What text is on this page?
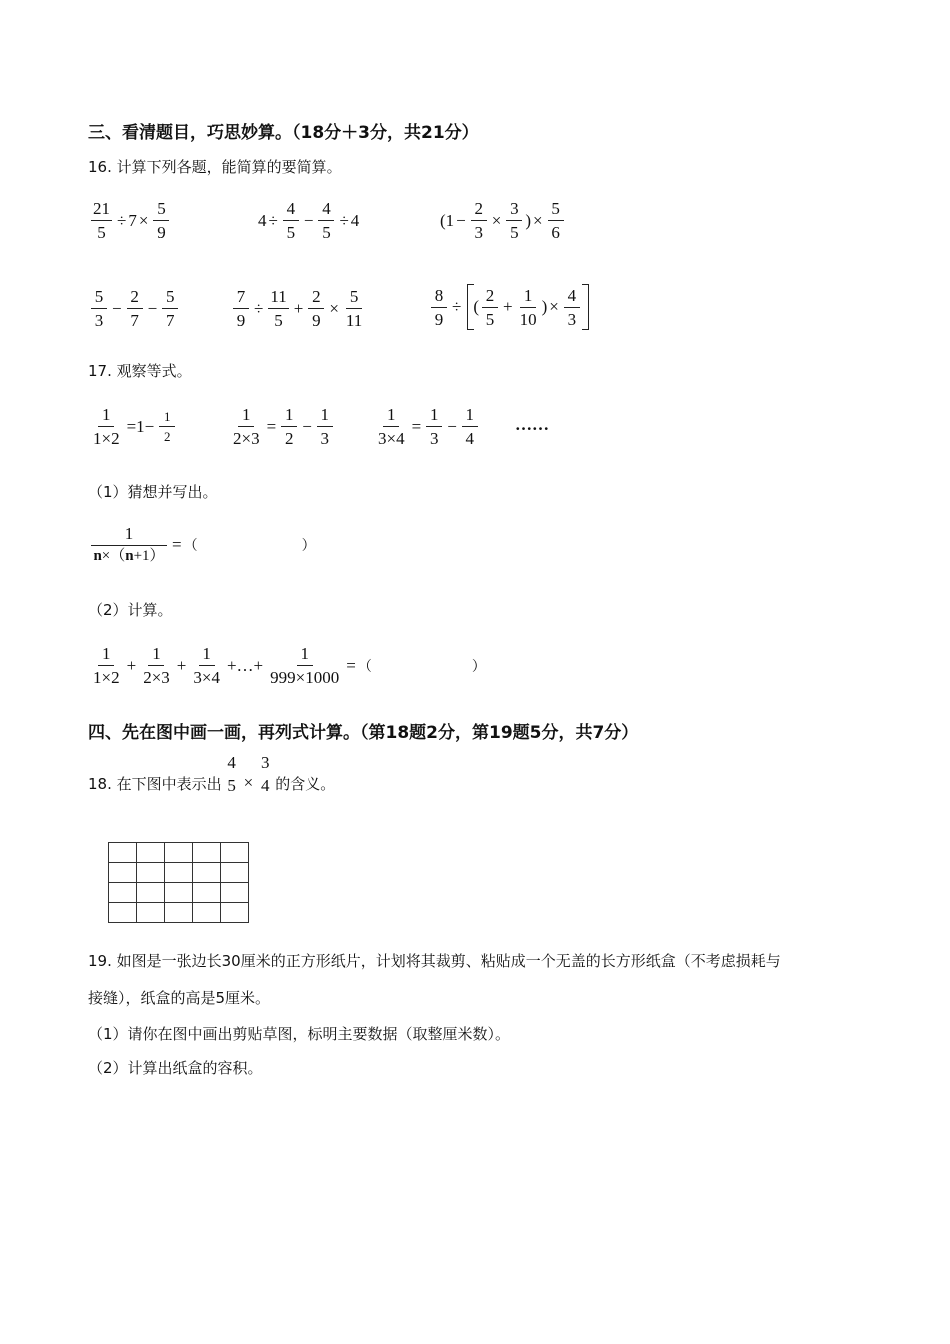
三、看清题目，巧思妙算。（18分＋3分，共21分）
16. 计算下列各题，能简算的要简算。
$\frac{21}{5} \div 7 \times \frac{5}{9}$	$4 \div \frac{4}{5} - \frac{4}{5} \div 4$	($1 - \frac{2}{3} \times \frac{3}{5}$ ) × $\frac{5}{6}$
$\frac{5}{3} - \frac{2}{7} - \frac{5}{7}$	$\frac{7}{9} \div \frac{11}{5} + \frac{2}{9} \times \frac{5}{11}$	$\frac{8}{9}$ ÷ ( $\frac{2}{5} + \frac{1}{10}$ ) × $\frac{4}{3}$
17. 观察等式。
$\frac{1}{1\times 2} =1- \frac{1}{2}$	$\frac{1}{2\times 3} = \frac{1}{2} - \frac{1}{3}$	$\frac{1}{3\times 4} = \frac{1}{3} - \frac{1}{4}$ ……
（1）猜想并写出。
$\frac{1}{n\times(n+1)}$ = （	）
（2）计算。
$\frac{1}{1\times 2} + \frac{1}{2\times 3} + \frac{1}{3\times 4}$ +…+ $\frac{1}{999\times 1000}$ = （	）
四、先在图中画一画，再列式计算。（第18题2分，第19题5分，共7分）
18. 在下图中表示出
4
5 ×
3
4 的含义。

19. 如图是一张边长30厘米的正方形纸片，计划将其裁剪、粘贴成一个无盖的长方形纸盒（不考虑损耗与
接缝），纸盒的高是5厘米。
（1）请你在图中画出剪贴草图，标明主要数据（取整厘米数）。
（2）计算出纸盒的容积。
